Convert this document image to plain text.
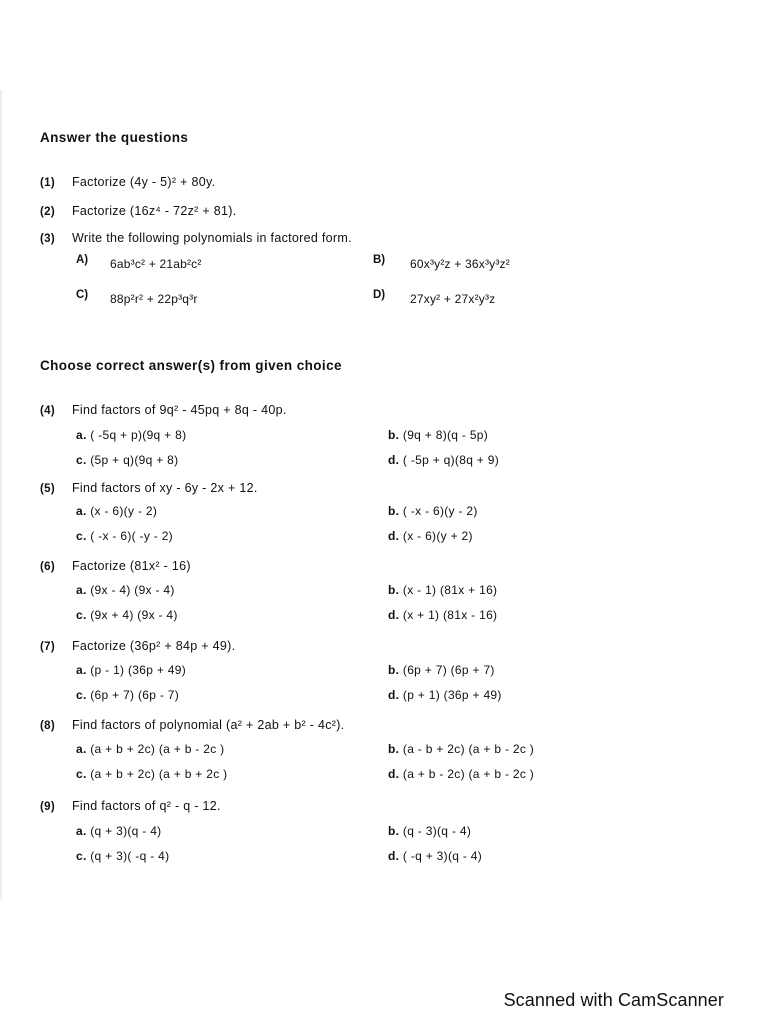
Answer the questions
(1) Factorize (4y - 5)² + 80y.
(2) Factorize (16z⁴ - 72z² + 81).
(3) Write the following polynomials in factored form.
A) 6ab³c² + 21ab²c²	B) 60x³y²z + 36x³y³z²
C) 88p²r² + 22p³q³r	D) 27xy² + 27x²y³z
Choose correct answer(s) from given choice
(4) Find factors of 9q² - 45pq + 8q - 40p.
a. ( -5q + p)(9q + 8)	b. (9q + 8)(q - 5p)
c. (5p + q)(9q + 8)	d. ( -5p + q)(8q + 9)
(5) Find factors of xy - 6y - 2x + 12.
a. (x - 6)(y - 2)	b. ( -x - 6)(y - 2)
c. ( -x - 6)( -y - 2)	d. (x - 6)(y + 2)
(6) Factorize (81x² - 16)
a. (9x - 4) (9x - 4)	b. (x - 1) (81x + 16)
c. (9x + 4) (9x - 4)	d. (x + 1) (81x - 16)
(7) Factorize (36p² + 84p + 49).
a. (p - 1) (36p + 49)	b. (6p + 7) (6p + 7)
c. (6p + 7) (6p - 7)	d. (p + 1) (36p + 49)
(8) Find factors of polynomial (a² + 2ab + b² - 4c²).
a. (a + b + 2c) (a + b - 2c )	b. (a - b + 2c) (a + b - 2c )
c. (a + b + 2c) (a + b + 2c )	d. (a + b - 2c) (a + b - 2c )
(9) Find factors of q² - q - 12.
a. (q + 3)(q - 4)	b. (q - 3)(q - 4)
c. (q + 3)( -q - 4)	d. ( -q + 3)(q - 4)
Scanned with CamScanner
